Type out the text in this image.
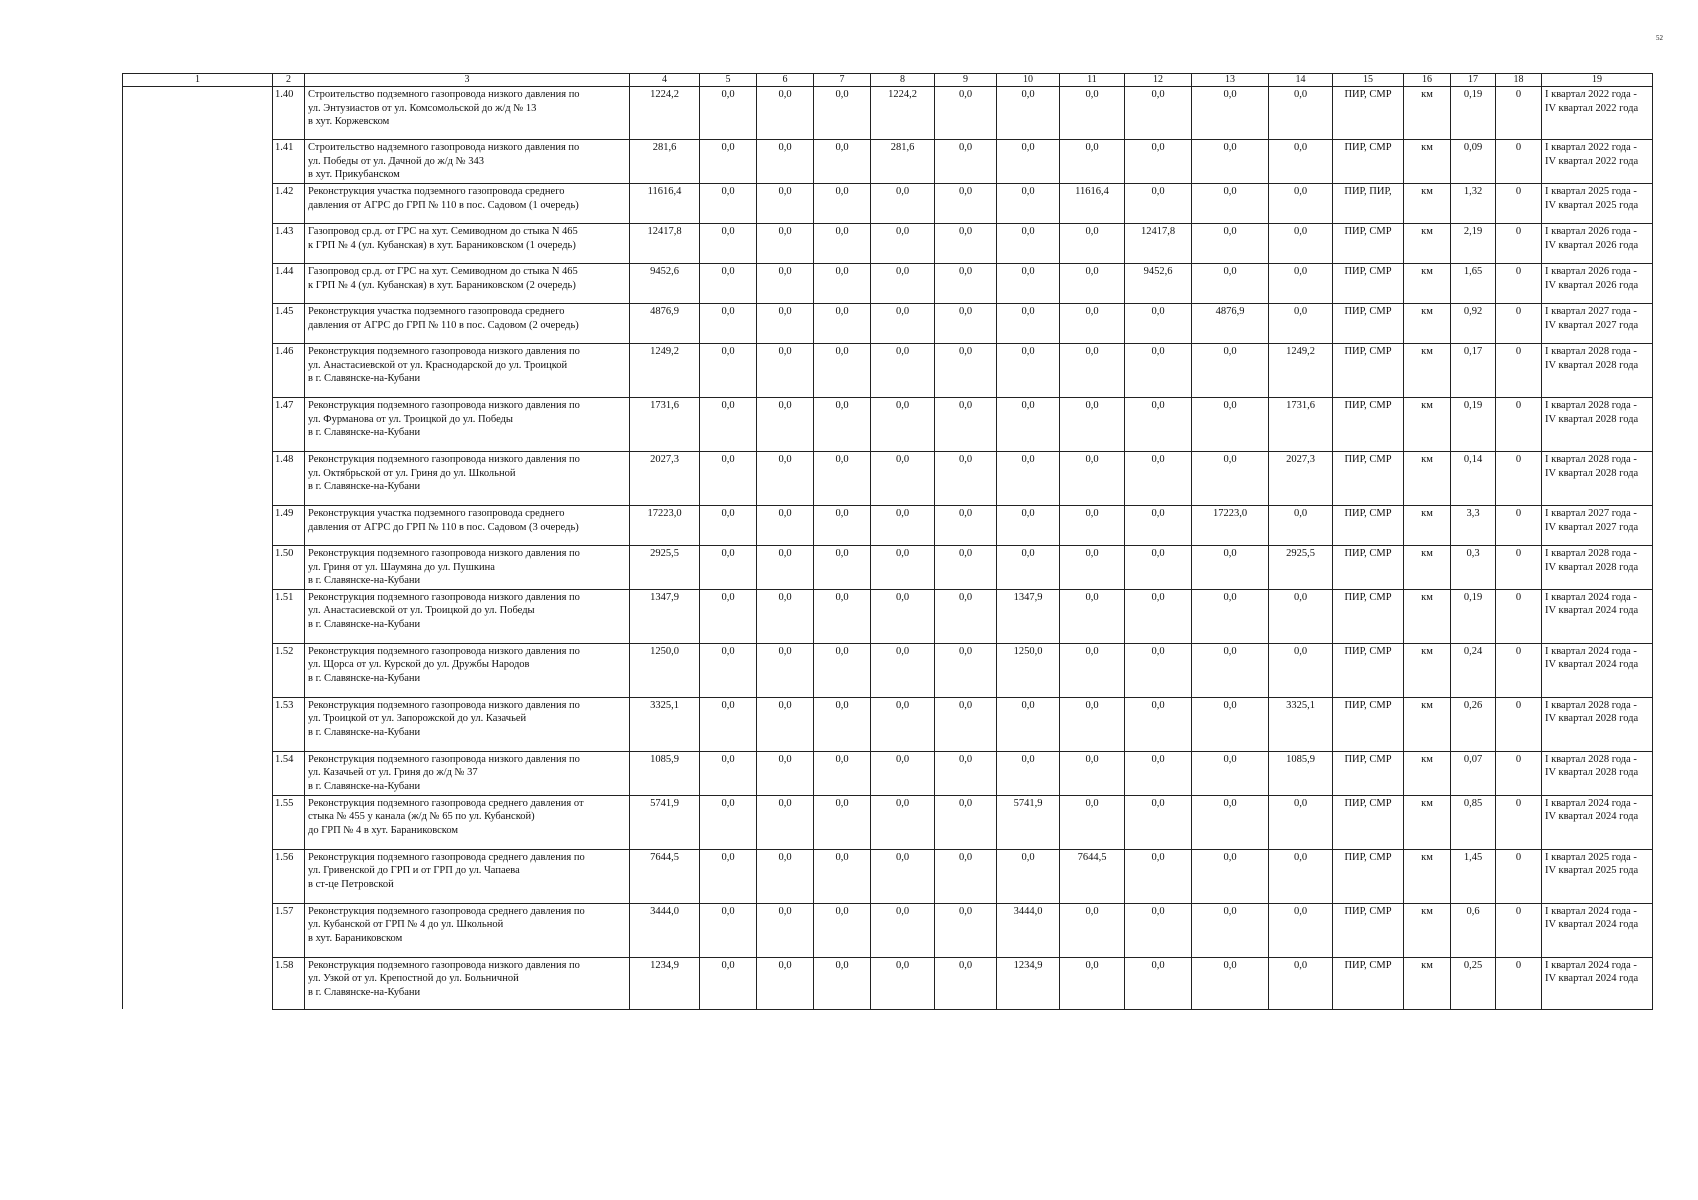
52
1	2	3	4	5	6	7	8	9	10	11	12	13	14	15	16	17	18	19
	1.40	Строительство подземного газопровода низкого давления по
ул. Энтузиастов от ул. Комсомольской до ж/д № 13
в хут. Коржевском	1224,2	0,0	0,0	0,0	1224,2	0,0	0,0	0,0	0,0	0,0	0,0	ПИР, СМР	км	0,19	0	I квартал 2022 года -
IV квартал 2022 года

	1.41	Строительство надземного газопровода низкого давления по
ул. Победы от ул. Дачной до ж/д № 343
в хут. Прикубанском	281,6	0,0	0,0	0,0	281,6	0,0	0,0	0,0	0,0	0,0	0,0	ПИР, СМР	км	0,09	0	I квартал 2022 года -
IV квартал 2022 года

	1.42	Реконструкция участка подземного газопровода среднего
давления от АГРС до ГРП № 110 в пос. Садовом (1 очередь)	11616,4	0,0	0,0	0,0	0,0	0,0	0,0	11616,4	0,0	0,0	0,0	ПИР, ПИР,	км	1,32	0	I квартал 2025 года -
IV квартал 2025 года

	1.43	Газопровод ср.д. от ГРС на хут. Семиводном до стыка N 465
к ГРП № 4 (ул. Кубанская) в хут. Бараниковском (1 очередь)	12417,8	0,0	0,0	0,0	0,0	0,0	0,0	0,0	12417,8	0,0	0,0	ПИР, СМР	км	2,19	0	I квартал 2026 года -
IV квартал 2026 года

	1.44	Газопровод ср.д. от ГРС на хут. Семиводном до стыка N 465
к ГРП № 4 (ул. Кубанская) в хут. Бараниковском (2 очередь)	9452,6	0,0	0,0	0,0	0,0	0,0	0,0	0,0	9452,6	0,0	0,0	ПИР, СМР	км	1,65	0	I квартал 2026 года -
IV квартал 2026 года

	1.45	Реконструкция участка подземного газопровода среднего
давления от АГРС до ГРП № 110 в пос. Садовом (2 очередь)	4876,9	0,0	0,0	0,0	0,0	0,0	0,0	0,0	0,0	4876,9	0,0	ПИР, СМР	км	0,92	0	I квартал 2027 года -
IV квартал 2027 года

	1.46	Реконструкция подземного газопровода низкого давления по
ул. Анастасиевской от ул. Краснодарской до ул. Троицкой
в г. Славянске-на-Кубани	1249,2	0,0	0,0	0,0	0,0	0,0	0,0	0,0	0,0	0,0	1249,2	ПИР, СМР	км	0,17	0	I квартал 2028 года -
IV квартал 2028 года

	1.47	Реконструкция подземного газопровода низкого давления по
ул. Фурманова от ул. Троицкой до ул. Победы
в г. Славянске-на-Кубани	1731,6	0,0	0,0	0,0	0,0	0,0	0,0	0,0	0,0	0,0	1731,6	ПИР, СМР	км	0,19	0	I квартал 2028 года -
IV квартал 2028 года

	1.48	Реконструкция подземного газопровода низкого давления по
ул. Октябрьской от ул. Гриня до ул. Школьной
в г. Славянске-на-Кубани	2027,3	0,0	0,0	0,0	0,0	0,0	0,0	0,0	0,0	0,0	2027,3	ПИР, СМР	км	0,14	0	I квартал 2028 года -
IV квартал 2028 года

	1.49	Реконструкция участка подземного газопровода среднего
давления от АГРС до ГРП № 110 в пос. Садовом (3 очередь)	17223,0	0,0	0,0	0,0	0,0	0,0	0,0	0,0	0,0	17223,0	0,0	ПИР, СМР	км	3,3	0	I квартал 2027 года -
IV квартал 2027 года

	1.50	Реконструкция подземного газопровода низкого давления по
ул. Гриня от ул. Шаумяна до ул. Пушкина
в г. Славянске-на-Кубани	2925,5	0,0	0,0	0,0	0,0	0,0	0,0	0,0	0,0	0,0	2925,5	ПИР, СМР	км	0,3	0	I квартал 2028 года -
IV квартал 2028 года

	1.51	Реконструкция подземного газопровода низкого давления по
ул. Анастасиевской от ул. Троицкой до ул. Победы
в г. Славянске-на-Кубани	1347,9	0,0	0,0	0,0	0,0	0,0	1347,9	0,0	0,0	0,0	0,0	ПИР, СМР	км	0,19	0	I квартал 2024 года -
IV квартал 2024 года

	1.52	Реконструкция подземного газопровода низкого давления по
ул. Щорса от ул. Курской до ул. Дружбы Народов
в г. Славянске-на-Кубани	1250,0	0,0	0,0	0,0	0,0	0,0	1250,0	0,0	0,0	0,0	0,0	ПИР, СМР	км	0,24	0	I квартал 2024 года -
IV квартал 2024 года

	1.53	Реконструкция подземного газопровода низкого давления по
ул. Троицкой от ул. Запорожской до ул. Казачьей
в г. Славянске-на-Кубани	3325,1	0,0	0,0	0,0	0,0	0,0	0,0	0,0	0,0	0,0	3325,1	ПИР, СМР	км	0,26	0	I квартал 2028 года -
IV квартал 2028 года

	1.54	Реконструкция подземного газопровода низкого давления по
ул. Казачьей от ул. Гриня до ж/д № 37
в г. Славянске-на-Кубани	1085,9	0,0	0,0	0,0	0,0	0,0	0,0	0,0	0,0	0,0	1085,9	ПИР, СМР	км	0,07	0	I квартал 2028 года -
IV квартал 2028 года

	1.55	Реконструкция подземного газопровода среднего давления от
стыка № 455 у канала (ж/д № 65 по ул. Кубанской)
до ГРП № 4 в хут. Бараниковском	5741,9	0,0	0,0	0,0	0,0	0,0	5741,9	0,0	0,0	0,0	0,0	ПИР, СМР	км	0,85	0	I квартал 2024 года -
IV квартал 2024 года

	1.56	Реконструкция подземного газопровода среднего давления по
ул. Гривенской до ГРП и от ГРП до ул. Чапаева
в ст-це Петровской	7644,5	0,0	0,0	0,0	0,0	0,0	0,0	7644,5	0,0	0,0	0,0	ПИР, СМР	км	1,45	0	I квартал 2025 года -
IV квартал 2025 года

	1.57	Реконструкция подземного газопровода среднего давления по
ул. Кубанской от ГРП № 4 до ул. Школьной
в хут. Бараниковском	3444,0	0,0	0,0	0,0	0,0	0,0	3444,0	0,0	0,0	0,0	0,0	ПИР, СМР	км	0,6	0	I квартал 2024 года -
IV квартал 2024 года

	1.58	Реконструкция подземного газопровода низкого давления по
ул. Узкой от ул. Крепостной до ул. Больничной
в г. Славянске-на-Кубани	1234,9	0,0	0,0	0,0	0,0	0,0	1234,9	0,0	0,0	0,0	0,0	ПИР, СМР	км	0,25	0	I квартал 2024 года -
IV квартал 2024 года
